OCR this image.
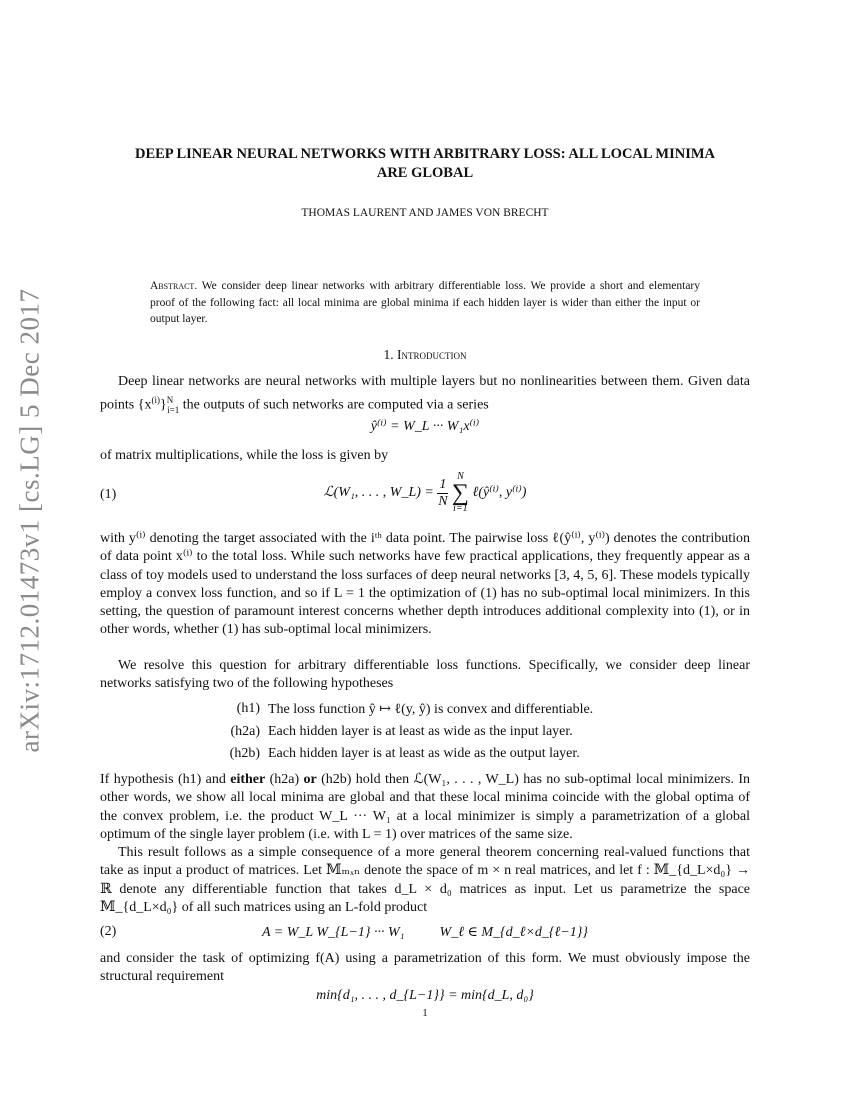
arXiv:1712.01473v1 [cs.LG] 5 Dec 2017
DEEP LINEAR NEURAL NETWORKS WITH ARBITRARY LOSS: ALL LOCAL MINIMA
ARE GLOBAL
THOMAS LAURENT AND JAMES VON BRECHT
Abstract. We consider deep linear networks with arbitrary differentiable loss. We provide a short and elementary proof of the following fact: all local minima are global minima if each hidden layer is wider than either the input or output layer.
1. Introduction
Deep linear networks are neural networks with multiple layers but no nonlinearities between them. Given data points $\{x^{(i)}\}^N_{i=1}$ the outputs of such networks are computed via a series
ŷ⁽ⁱ⁾ = W_L ··· W₁x⁽ⁱ⁾
of matrix multiplications, while the loss is given by
(1)	ℒ(W₁, . . . , W_L) = $\frac{1}{N}$
N
∑
i=1
ℓ(ŷ⁽ⁱ⁾, y⁽ⁱ⁾)
with y⁽ⁱ⁾ denoting the target associated with the iᵗʰ data point. The pairwise loss ℓ(ŷ⁽ⁱ⁾, y⁽ⁱ⁾) denotes the contribution of data point x⁽ⁱ⁾ to the total loss. While such networks have few practical applications, they frequently appear as a class of toy models used to understand the loss surfaces of deep neural networks [3, 4, 5, 6]. These models typically employ a convex loss function, and so if L = 1 the optimization of (1) has no sub-optimal local minimizers. In this setting, the question of paramount interest concerns whether depth introduces additional complexity into (1), or in other words, whether (1) has sub-optimal local minimizers.
We resolve this question for arbitrary differentiable loss functions. Specifically, we consider deep linear networks satisfying two of the following hypotheses
(h1) The loss function ŷ ↦ ℓ(y, ŷ) is convex and differentiable.
(h2a) Each hidden layer is at least as wide as the input layer.
(h2b) Each hidden layer is at least as wide as the output layer.
If hypothesis (h1) and either (h2a) or (h2b) hold then ℒ(W₁, . . . , W_L) has no sub-optimal local minimizers. In other words, we show all local minima are global and that these local minima coincide with the global optima of the convex problem, i.e. the product W_L ··· W₁ at a local minimizer is simply a parametrization of a global optimum of the single layer problem (i.e. with L = 1) over matrices of the same size.
This result follows as a simple consequence of a more general theorem concerning real-valued functions that take as input a product of matrices. Let 𝕄ₘₓₙ denote the space of m × n real matrices, and let f : 𝕄_{d_L×d₀} → ℝ denote any differentiable function that takes d_L × d₀ matrices as input. Let us parametrize the space 𝕄_{d_L×d₀} of all such matrices using an L-fold product
(2)	A = W_L W_{L−1} ··· W₁          W_ℓ ∈ M_{d_ℓ×d_{ℓ−1}}
and consider the task of optimizing f(A) using a parametrization of this form. We must obviously impose the structural requirement
min{d₁, . . . , d_{L−1}} = min{d_L, d₀}
1
